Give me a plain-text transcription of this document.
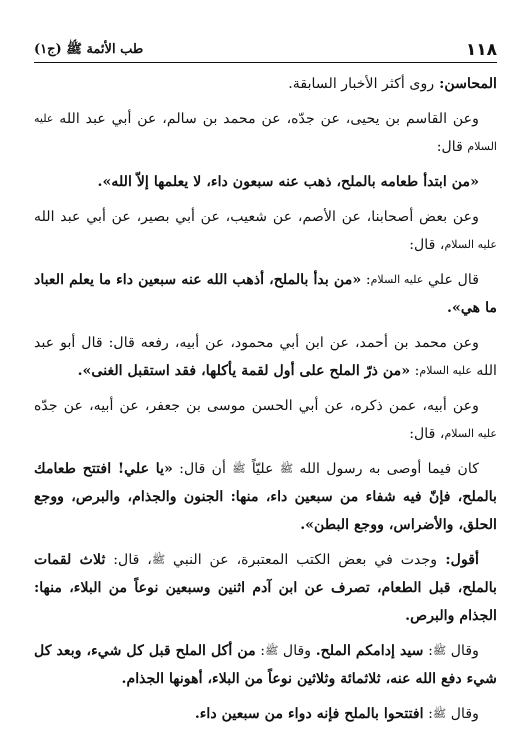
١١٨
طب الأئمة ﷺ (ج١)

المحاسن: روى أكثر الأخبار السابقة.

وعن القاسم بن يحيى، عن جدّه، عن محمد بن سالم، عن أبي عبد الله عليه السلام قال:

«من ابتدأ طعامه بالملح، ذهب عنه سبعون داء، لا يعلمها إلاّ الله».

وعن بعض أصحابنا، عن الأصم، عن شعيب، عن أبي بصير، عن أبي عبد الله عليه السلام، قال:

قال علي عليه السلام: «من بدأ بالملح، أذهب الله عنه سبعين داء ما يعلم العباد ما هي».

وعن محمد بن أحمد، عن ابن أبي محمود، عن أبيه، رفعه قال: قال أبو عبد الله عليه السلام: «من ذرّ الملح على أول لقمة يأكلها، فقد استقبل الغنى».

وعن أبيه، عمن ذكره، عن أبي الحسن موسى بن جعفر، عن أبيه، عن جدّه عليه السلام، قال:

كان فيما أوصى به رسول الله ﷺ عليّاً ﷺ أن قال: «يا علي! افتتح طعامك بالملح، فإنّ فيه شفاء من سبعين داء، منها: الجنون والجذام، والبرص، ووجع الحلق، والأضراس، ووجع البطن».

أقول: وجدت في بعض الكتب المعتبرة، عن النبي ﷺ، قال: ثلاث لقمات بالملح، قبل الطعام، تصرف عن ابن آدم اثنين وسبعين نوعاً من البلاء، منها: الجذام والبرص.

وقال ﷺ: سيد إدامكم الملح. وقال ﷺ: من أكل الملح قبل كل شيء، وبعد كل شيء دفع الله عنه، ثلاثمائة وثلاثين نوعاً من البلاء، أهونها الجذام.

وقال ﷺ: افتتحوا بالملح فإنه دواء من سبعين داء.
